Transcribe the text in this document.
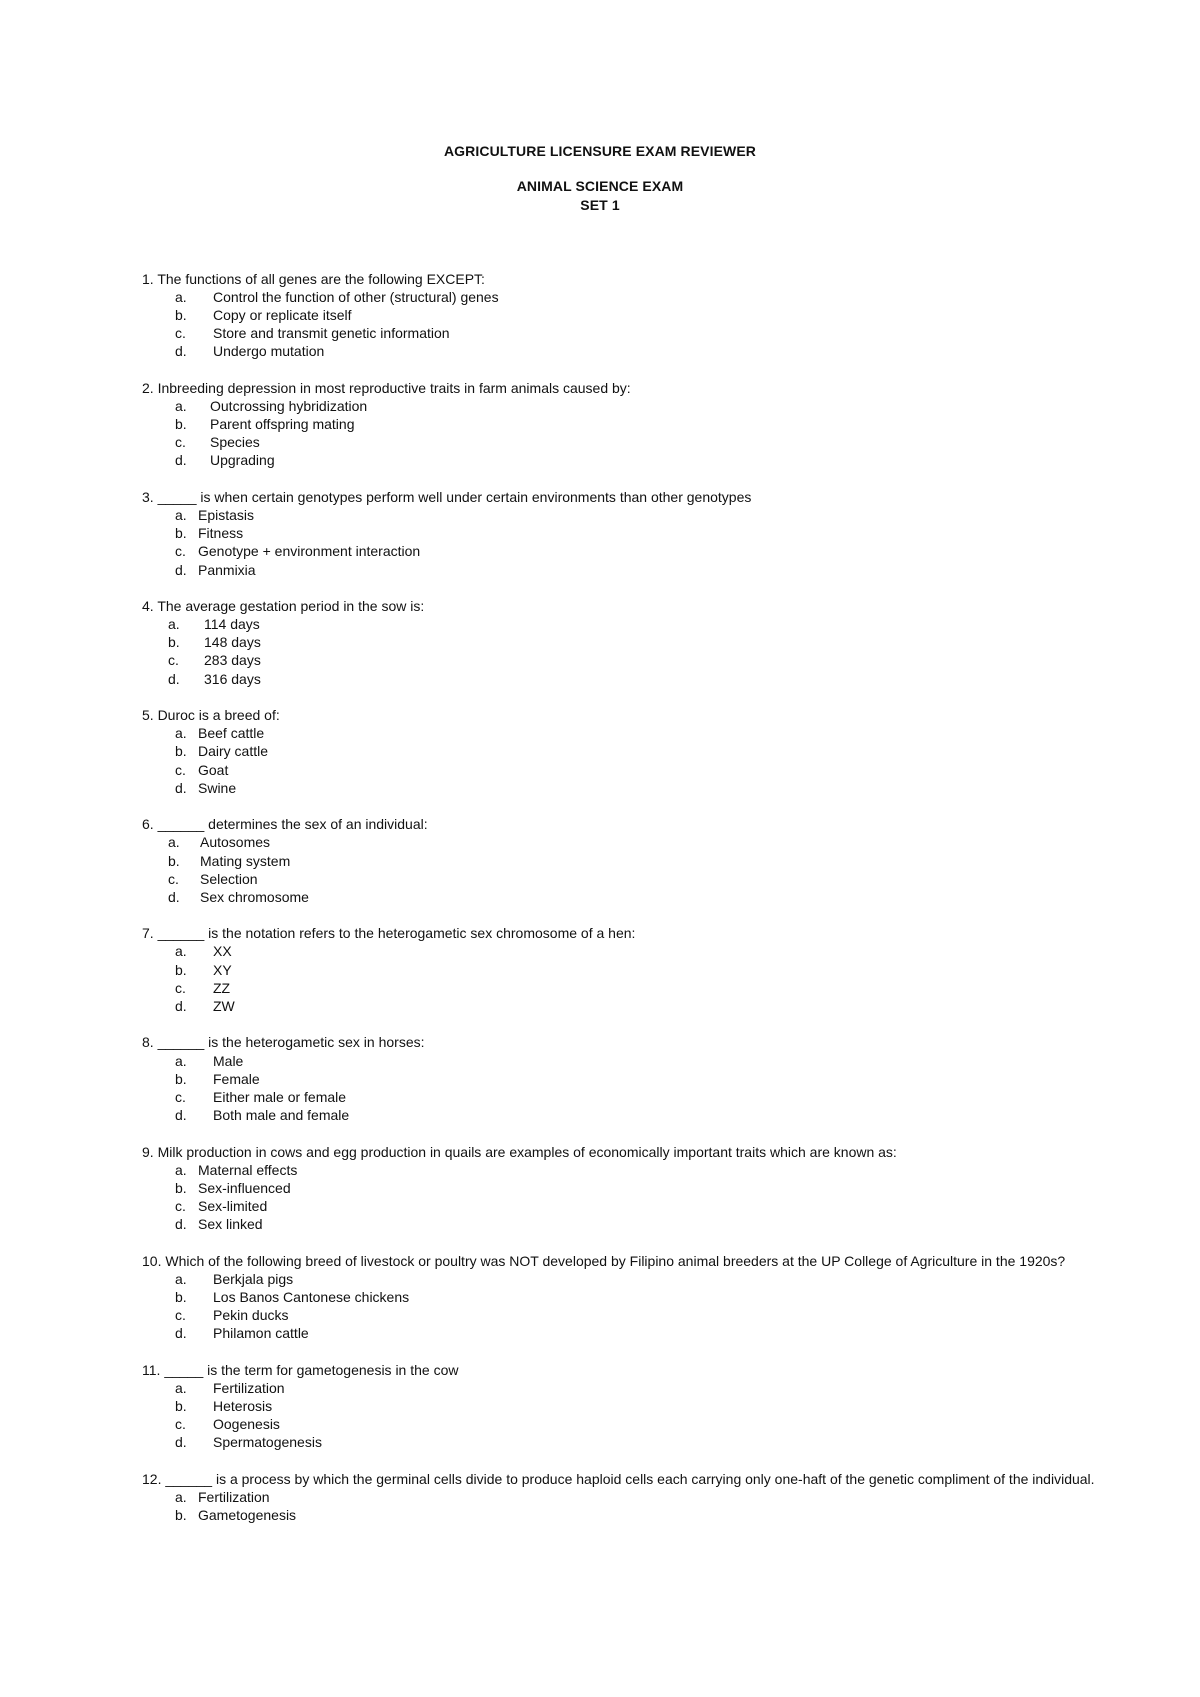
AGRICULTURE LICENSURE EXAM REVIEWER
ANIMAL SCIENCE EXAM
SET 1
1. The functions of all genes are the following EXCEPT:
a. Control the function of other (structural) genes
b. Copy or replicate itself
c. Store and transmit genetic information
d. Undergo mutation
2. Inbreeding depression in most reproductive traits in farm animals caused by:
a. Outcrossing hybridization
b. Parent offspring mating
c. Species
d. Upgrading
3. _____ is when certain genotypes perform well under certain environments than other genotypes
a. Epistasis
b. Fitness
c. Genotype + environment interaction
d. Panmixia
4. The average gestation period in the sow is:
a. 114 days
b. 148 days
c. 283 days
d. 316 days
5. Duroc is a breed of:
a. Beef cattle
b. Dairy cattle
c. Goat
d. Swine
6. ______ determines the sex of an individual:
a. Autosomes
b. Mating system
c. Selection
d. Sex chromosome
7. ______ is the notation refers to the heterogametic sex chromosome of a hen:
a. XX
b. XY
c. ZZ
d. ZW
8. ______ is the heterogametic sex in horses:
a. Male
b. Female
c. Either male or female
d. Both male and female
9. Milk production in cows and egg production in quails are examples of economically important traits which are known as:
a. Maternal effects
b. Sex-influenced
c. Sex-limited
d. Sex linked
10. Which of the following breed of livestock or poultry was NOT developed by Filipino animal breeders at the UP College of Agriculture in the 1920s?
a. Berkjala pigs
b. Los Banos Cantonese chickens
c. Pekin ducks
d. Philamon cattle
11. _____ is the term for gametogenesis in the cow
a. Fertilization
b. Heterosis
c. Oogenesis
d. Spermatogenesis
12. ______ is a process by which the germinal cells divide to produce haploid cells each carrying only one-haft of the genetic compliment of the individual.
a. Fertilization
b. Gametogenesis
